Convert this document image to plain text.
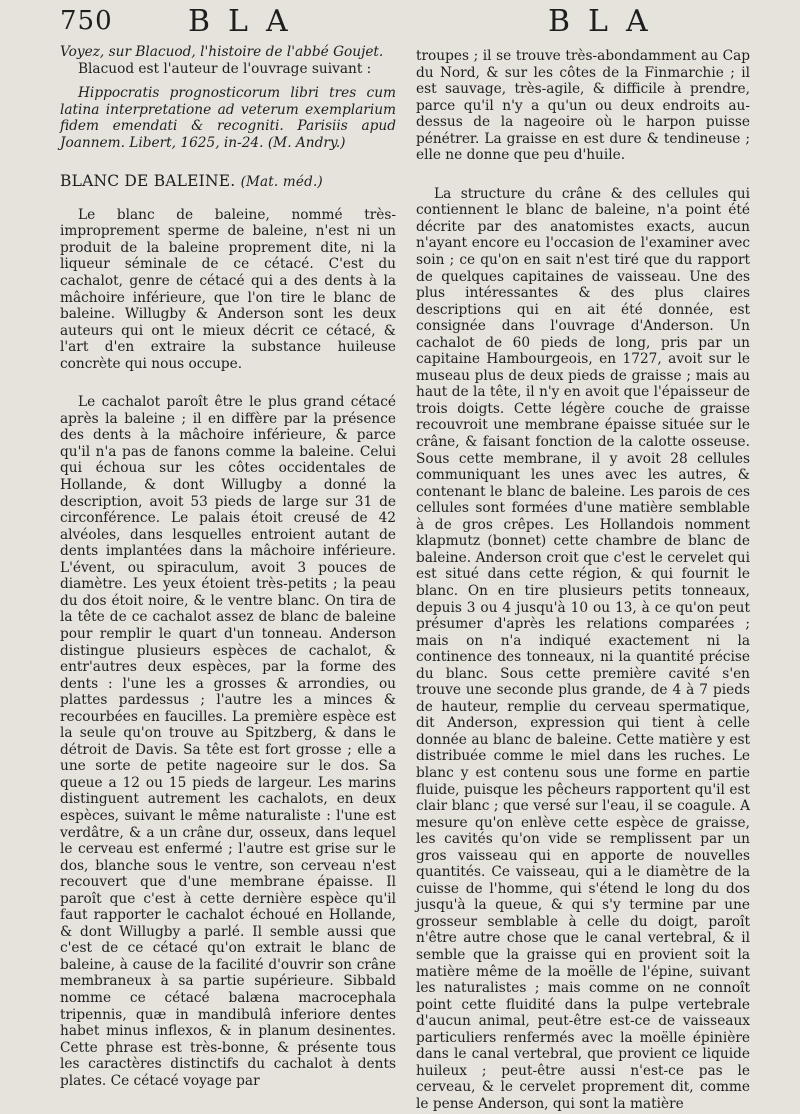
750	BLA	BLA

Voyez, sur Blacuod, l'histoire de l'abbé Goujet.

Blacuod est l'auteur de l'ouvrage suivant :

Hippocratis prognosticorum libri tres cum latina interpretatione ad veterum exemplarium fidem emendati & recogniti. Parisiis apud Joannem. Libert, 1625, in-24. (M. Andry.)

BLANC DE BALEINE. (Mat. méd.)

Le blanc de baleine, nommé très-improprement sperme de baleine, n'est ni un produit de la baleine proprement dite, ni la liqueur séminale de ce cétacé. C'est du cachalot, genre de cétacé qui a des dents à la mâchoire inférieure, que l'on tire le blanc de baleine. Willugby & Anderson sont les deux auteurs qui ont le mieux décrit ce cétacé, & l'art d'en extraire la substance huileuse concrète qui nous occupe.

Le cachalot paroît être le plus grand cétacé après la baleine ; il en diffère par la présence des dents à la mâchoire inférieure, & parce qu'il n'a pas de fanons comme la baleine. Celui qui échoua sur les côtes occidentales de Hollande, & dont Willugby a donné la description, avoit 53 pieds de large sur 31 de circonférence. Le palais étoit creusé de 42 alvéoles, dans lesquelles entroient autant de dents implantées dans la mâchoire inférieure. L'évent, ou spiraculum, avoit 3 pouces de diamètre. Les yeux étoient très-petits ; la peau du dos étoit noire, & le ventre blanc. On tira de la tête de ce cachalot assez de blanc de baleine pour remplir le quart d'un tonneau. Anderson distingue plusieurs espèces de cachalot, & entr'autres deux espèces, par la forme des dents : l'une les a grosses & arrondies, ou plattes pardessus ; l'autre les a minces & recourbées en faucilles. La première espèce est la seule qu'on trouve au Spitzberg, & dans le détroit de Davis. Sa tête est fort grosse ; elle a une sorte de petite nageoire sur le dos. Sa queue a 12 ou 15 pieds de largeur. Les marins distinguent autrement les cachalots, en deux espèces, suivant le même naturaliste : l'une est verdâtre, & a un crâne dur, osseux, dans lequel le cerveau est enfermé ; l'autre est grise sur le dos, blanche sous le ventre, son cerveau n'est recouvert que d'une membrane épaisse. Il paroît que c'est à cette dernière espèce qu'il faut rapporter le cachalot échoué en Hollande, & dont Willugby a parlé. Il semble aussi que c'est de ce cétacé qu'on extrait le blanc de baleine, à cause de la facilité d'ouvrir son crâne membraneux à sa partie supérieure. Sibbald nomme ce cétacé balæna macrocephala tripennis, quæ in mandibulâ inferiore dentes habet minus inflexos, & in planum desinentes. Cette phrase est très-bonne, & présente tous les caractères distinctifs du cachalot à dents plates. Ce cétacé voyage par

troupes ; il se trouve très-abondamment au Cap du Nord, & sur les côtes de la Finmarchie ; il est sauvage, très-agile, & difficile à prendre, parce qu'il n'y a qu'un ou deux endroits au-dessus de la nageoire où le harpon puisse pénétrer. La graisse en est dure & tendineuse ; elle ne donne que peu d'huile.

La structure du crâne & des cellules qui contiennent le blanc de baleine, n'a point été décrite par des anatomistes exacts, aucun n'ayant encore eu l'occasion de l'examiner avec soin ; ce qu'on en sait n'est tiré que du rapport de quelques capitaines de vaisseau. Une des plus intéressantes & des plus claires descriptions qui en ait été donnée, est consignée dans l'ouvrage d'Anderson. Un cachalot de 60 pieds de long, pris par un capitaine Hambourgeois, en 1727, avoit sur le museau plus de deux pieds de graisse ; mais au haut de la tête, il n'y en avoit que l'épaisseur de trois doigts. Cette légère couche de graisse recouvroit une membrane épaisse située sur le crâne, & faisant fonction de la calotte osseuse. Sous cette membrane, il y avoit 28 cellules communiquant les unes avec les autres, & contenant le blanc de baleine. Les parois de ces cellules sont formées d'une matière semblable à de gros crêpes. Les Hollandois nomment klapmutz (bonnet) cette chambre de blanc de baleine. Anderson croit que c'est le cervelet qui est situé dans cette région, & qui fournit le blanc. On en tire plusieurs petits tonneaux, depuis 3 ou 4 jusqu'à 10 ou 13, à ce qu'on peut présumer d'après les relations comparées ; mais on n'a indiqué exactement ni la continence des tonneaux, ni la quantité précise du blanc. Sous cette première cavité s'en trouve une seconde plus grande, de 4 à 7 pieds de hauteur, remplie du cerveau spermatique, dit Anderson, expression qui tient à celle donnée au blanc de baleine. Cette matière y est distribuée comme le miel dans les ruches. Le blanc y est contenu sous une forme en partie fluide, puisque les pêcheurs rapportent qu'il est clair blanc ; que versé sur l'eau, il se coagule. A mesure qu'on enlève cette espèce de graisse, les cavités qu'on vide se remplissent par un gros vaisseau qui en apporte de nouvelles quantités. Ce vaisseau, qui a le diamètre de la cuisse de l'homme, qui s'étend le long du dos jusqu'à la queue, & qui s'y termine par une grosseur semblable à celle du doigt, paroît n'être autre chose que le canal vertebral, & il semble que la graisse qui en provient soit la matière même de la moëlle de l'épine, suivant les naturalistes ; mais comme on ne connoît point cette fluidité dans la pulpe vertebrale d'aucun animal, peut-être est-ce de vaisseaux particuliers renfermés avec la moëlle épinière dans le canal vertebral, que provient ce liquide huileux ; peut-être aussi n'est-ce pas le cerveau, & le cervelet proprement dit, comme le pense Anderson, qui sont la matière
